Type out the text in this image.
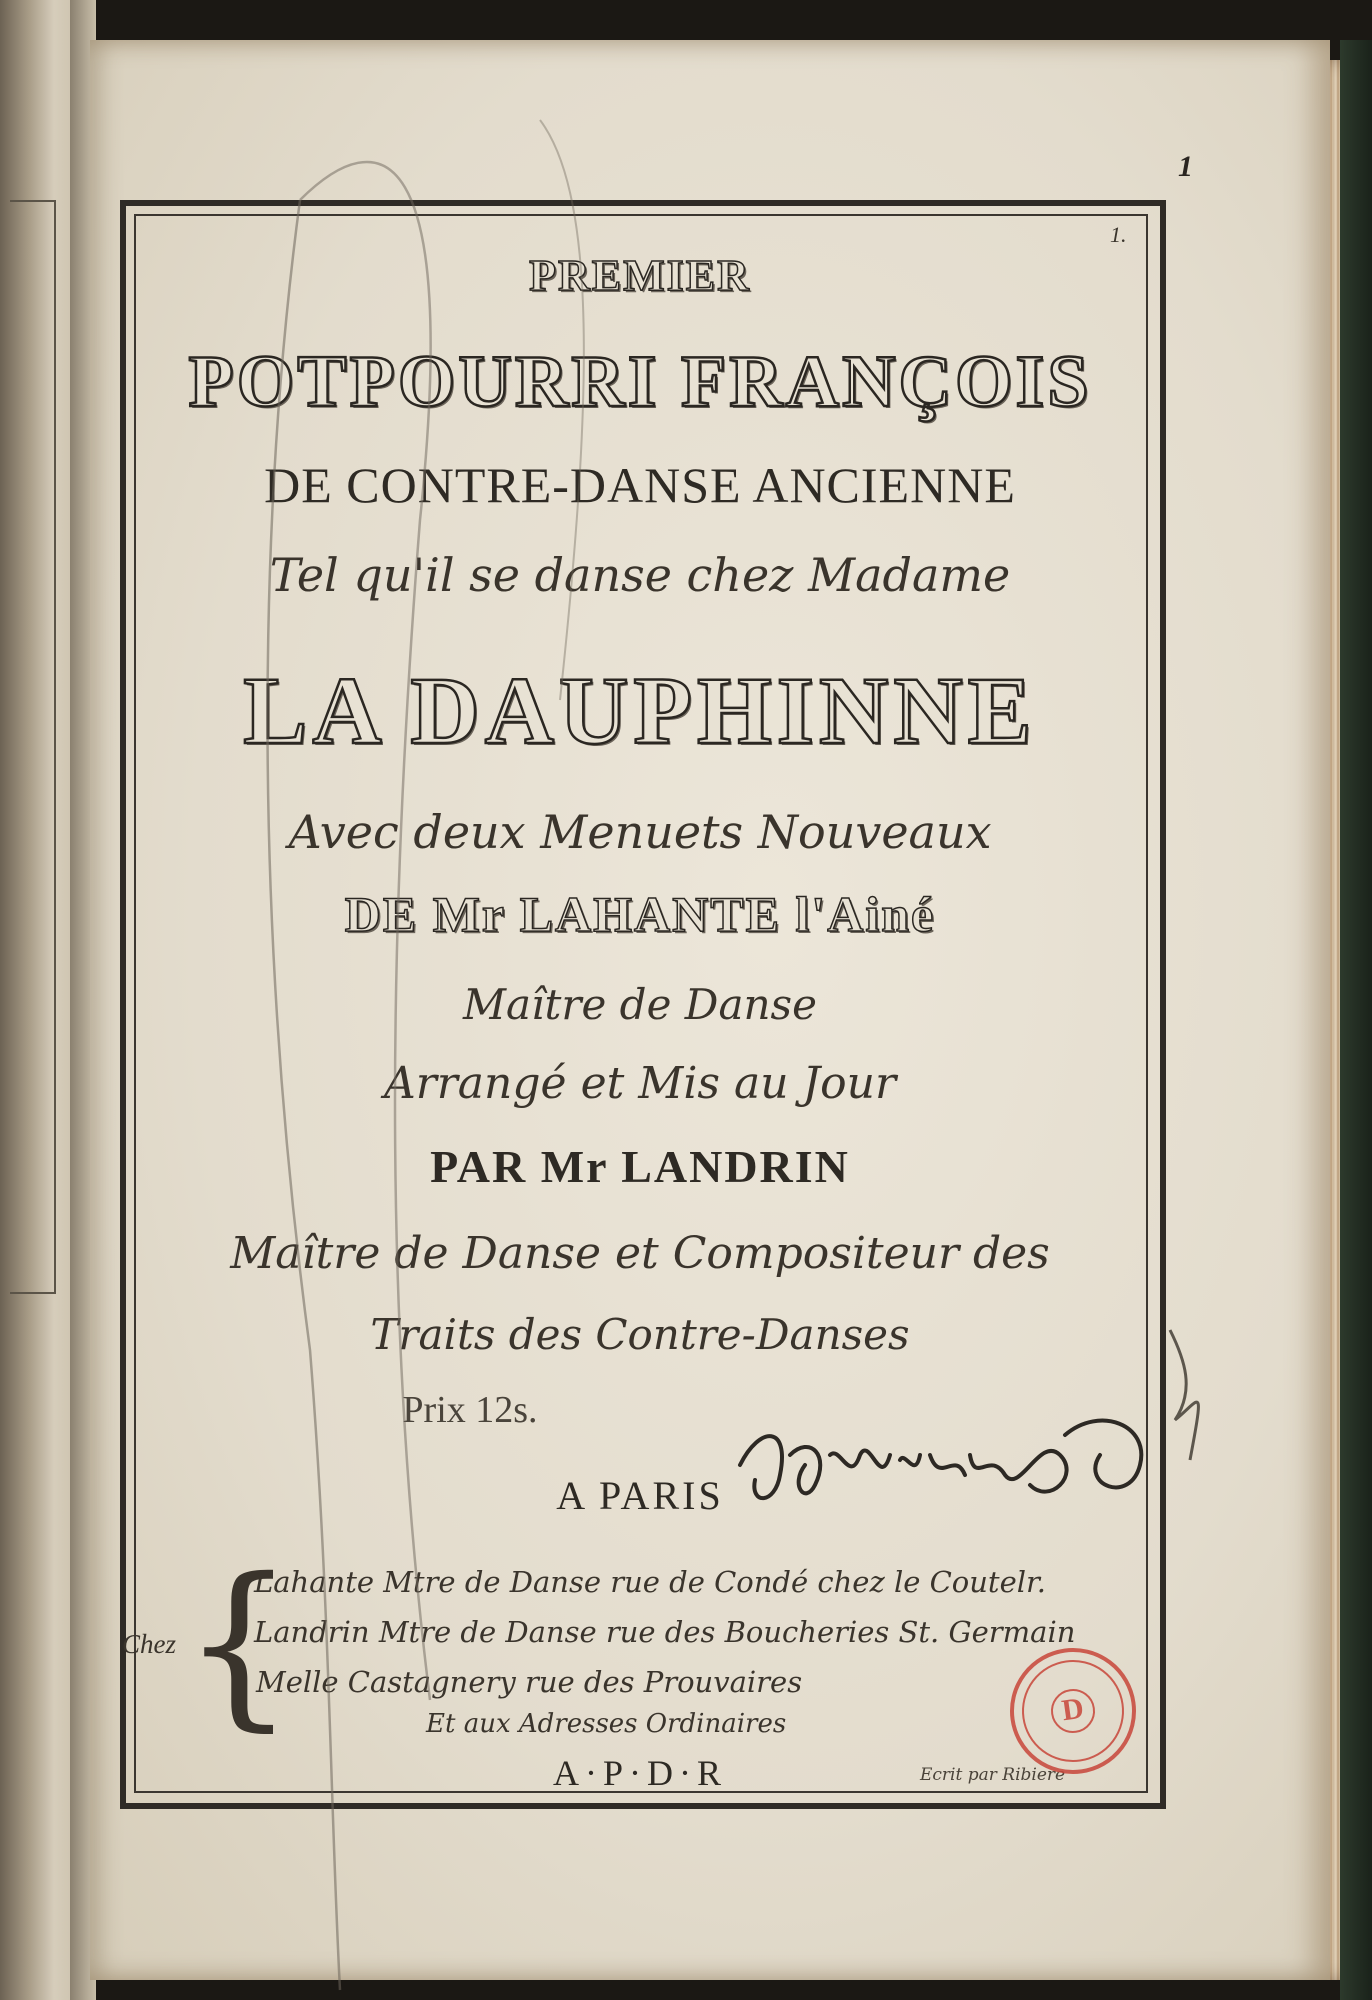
1
1.
PREMIER
POTPOURRI FRANÇOIS
DE CONTRE-DANSE ANCIENNE
Tel qu'il se danse chez Madame
LA DAUPHINNE
Avec deux Menuets Nouveaux
DE Mr LAHANTE l'Ainé
Maître de Danse
Arrangé et Mis au Jour
PAR Mr LANDRIN
Maître de Danse et Compositeur des
Traits des Contre-Danses
Prix 12s.
A PARIS
Chez {
Lahante Mtre de Danse rue de Condé chez le Coutelr.
Landrin Mtre de Danse rue des Boucheries St. Germain
Melle Castagnery rue des Prouvaires
Et aux Adresses Ordinaires
A·P·D·R	Ecrit par Ribiere
D
